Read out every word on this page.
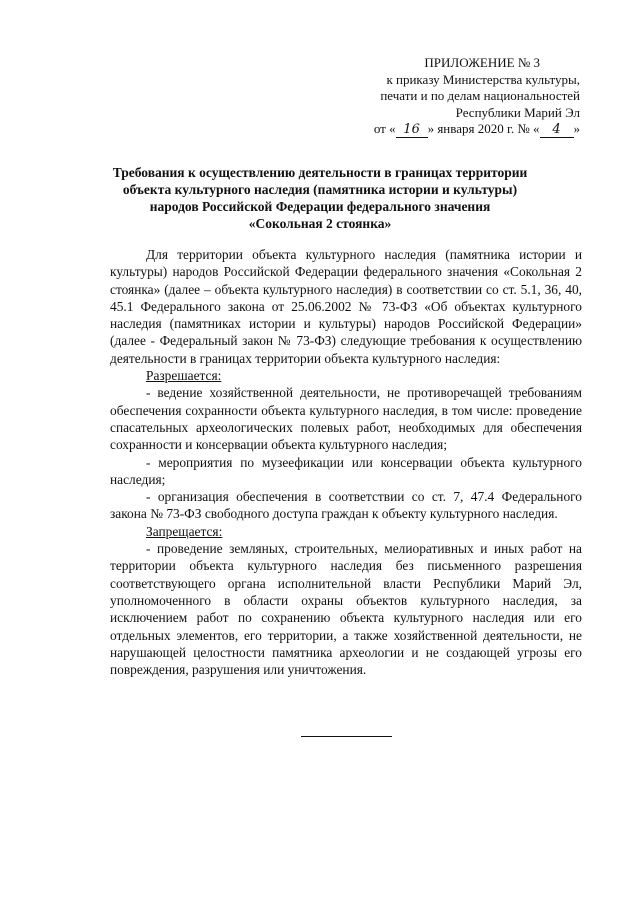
ПРИЛОЖЕНИЕ № 3
к приказу Министерства культуры,
печати и по делам национальностей
Республики Марий Эл
от « 16 » января 2020 г. № « 4 »
Требования к осуществлению деятельности в границах территории
объекта культурного наследия (памятника истории и культуры)
народов Российской Федерации федерального значения
«Сокольная 2 стоянка»

Для территории объекта культурного наследия (памятника истории и культуры) народов Российской Федерации федерального значения «Сокольная 2 стоянка» (далее – объекта культурного наследия) в соответствии со ст. 5.1, 36, 40, 45.1 Федерального закона от 25.06.2002 № 73-ФЗ «Об объектах культурного наследия (памятниках истории и культуры) народов Российской Федерации» (далее - Федеральный закон № 73-ФЗ) следующие требования к осуществлению деятельности в границах территории объекта культурного наследия:

Разрешается:

- ведение хозяйственной деятельности, не противоречащей требованиям обеспечения сохранности объекта культурного наследия, в том числе: проведение спасательных археологических полевых работ, необходимых для обеспечения сохранности и консервации объекта культурного наследия;

- мероприятия по музеефикации или консервации объекта культурного наследия;

- организация обеспечения в соответствии со ст. 7, 47.4 Федерального закона № 73-ФЗ свободного доступа граждан к объекту культурного наследия.

Запрещается:

- проведение земляных, строительных, мелиоративных и иных работ на территории объекта культурного наследия без письменного разрешения соответствующего органа исполнительной власти Республики Марий Эл, уполномоченного в области охраны объектов культурного наследия, за исключением работ по сохранению объекта культурного наследия или его отдельных элементов, его территории, а также хозяйственной деятельности, не нарушающей целостности памятника археологии и не создающей угрозы его повреждения, разрушения или уничтожения.
